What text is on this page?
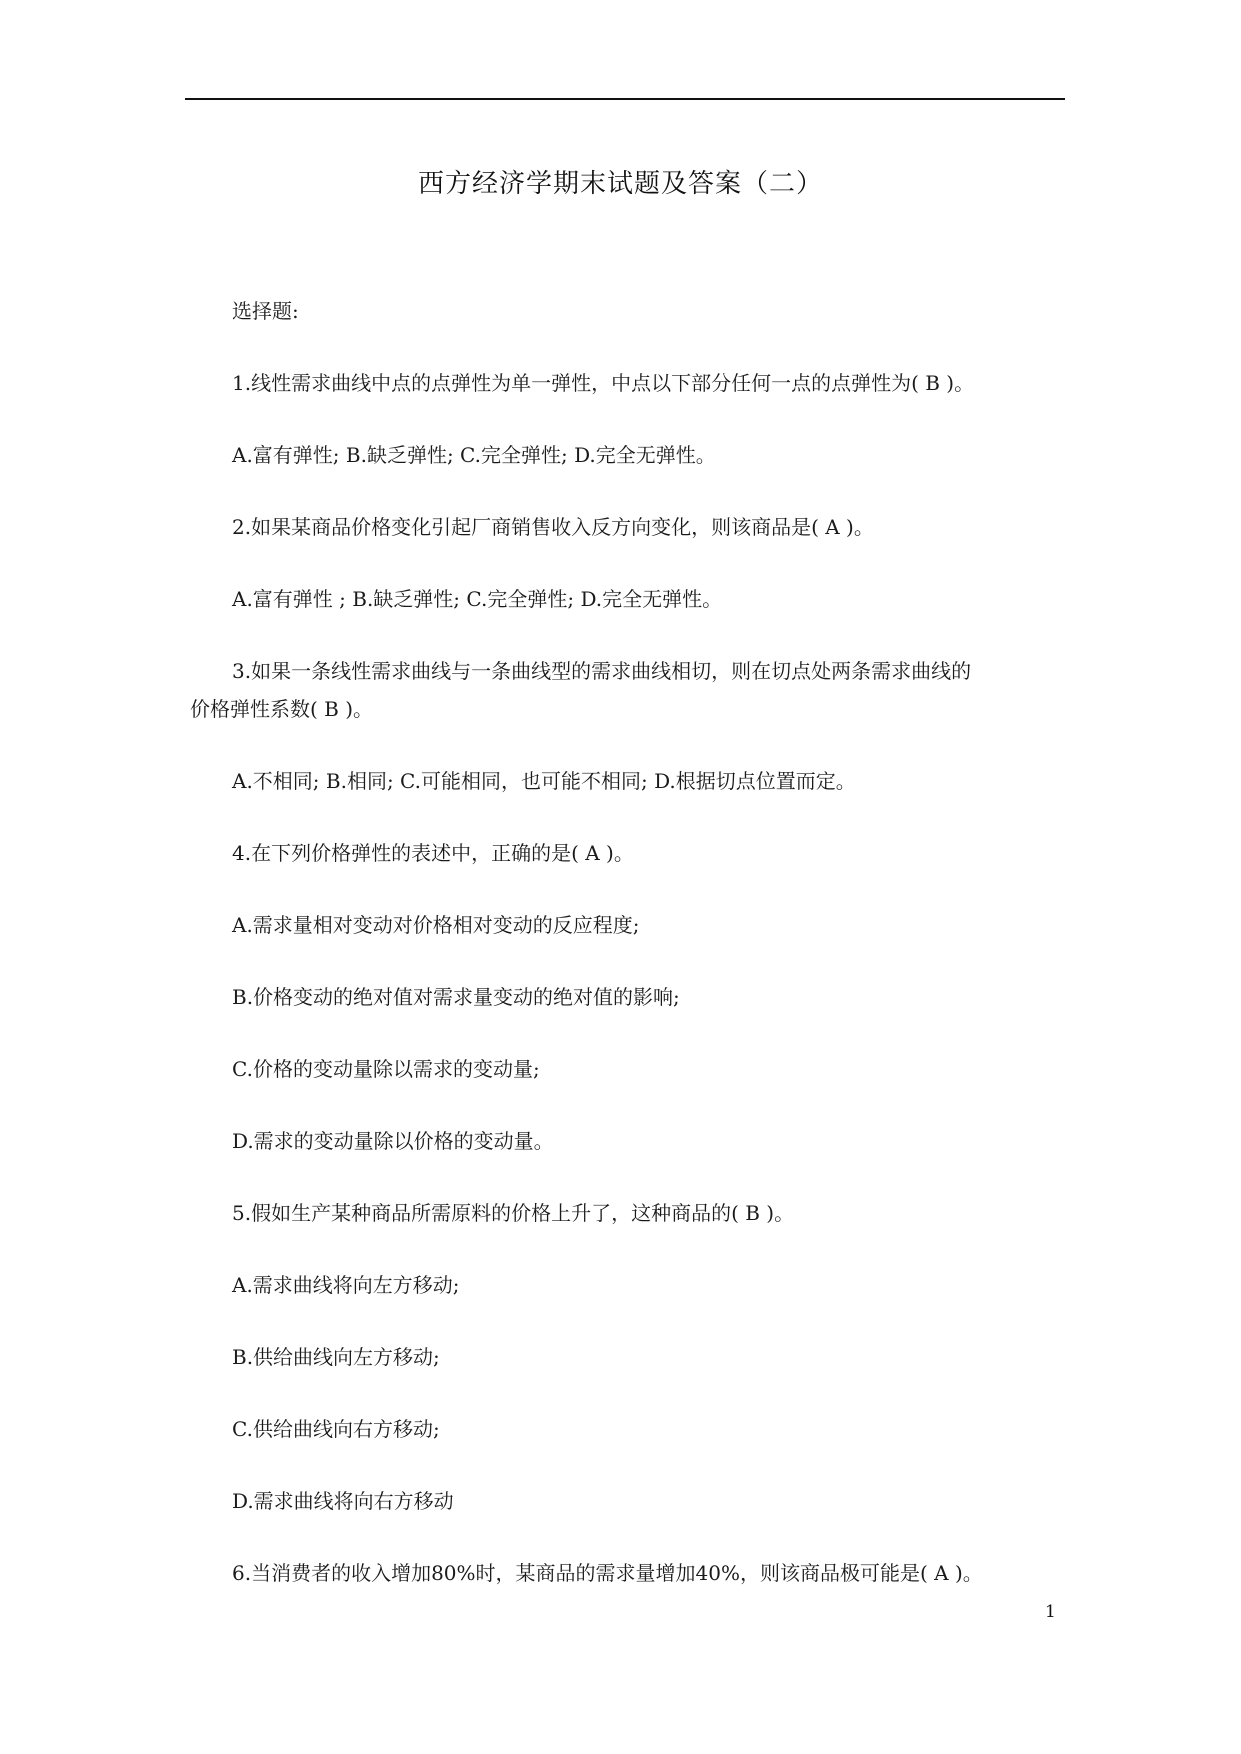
西方经济学期末试题及答案（二）

选择题:

1.线性需求曲线中点的点弹性为单一弹性，中点以下部分任何一点的点弹性为( B )。

A.富有弹性; B.缺乏弹性; C.完全弹性; D.完全无弹性。

2.如果某商品价格变化引起厂商销售收入反方向变化，则该商品是( A )。

A.富有弹性 ; B.缺乏弹性; C.完全弹性; D.完全无弹性。

3.如果一条线性需求曲线与一条曲线型的需求曲线相切，则在切点处两条需求曲线的

价格弹性系数( B )。

A.不相同; B.相同; C.可能相同，也可能不相同; D.根据切点位置而定。

4.在下列价格弹性的表述中，正确的是( A )。

A.需求量相对变动对价格相对变动的反应程度;

B.价格变动的绝对值对需求量变动的绝对值的影响;

C.价格的变动量除以需求的变动量;

D.需求的变动量除以价格的变动量。

5.假如生产某种商品所需原料的价格上升了，这种商品的( B )。

A.需求曲线将向左方移动;

B.供给曲线向左方移动;

C.供给曲线向右方移动;

D.需求曲线将向右方移动

6.当消费者的收入增加80%时，某商品的需求量增加40%，则该商品极可能是( A )。

1
